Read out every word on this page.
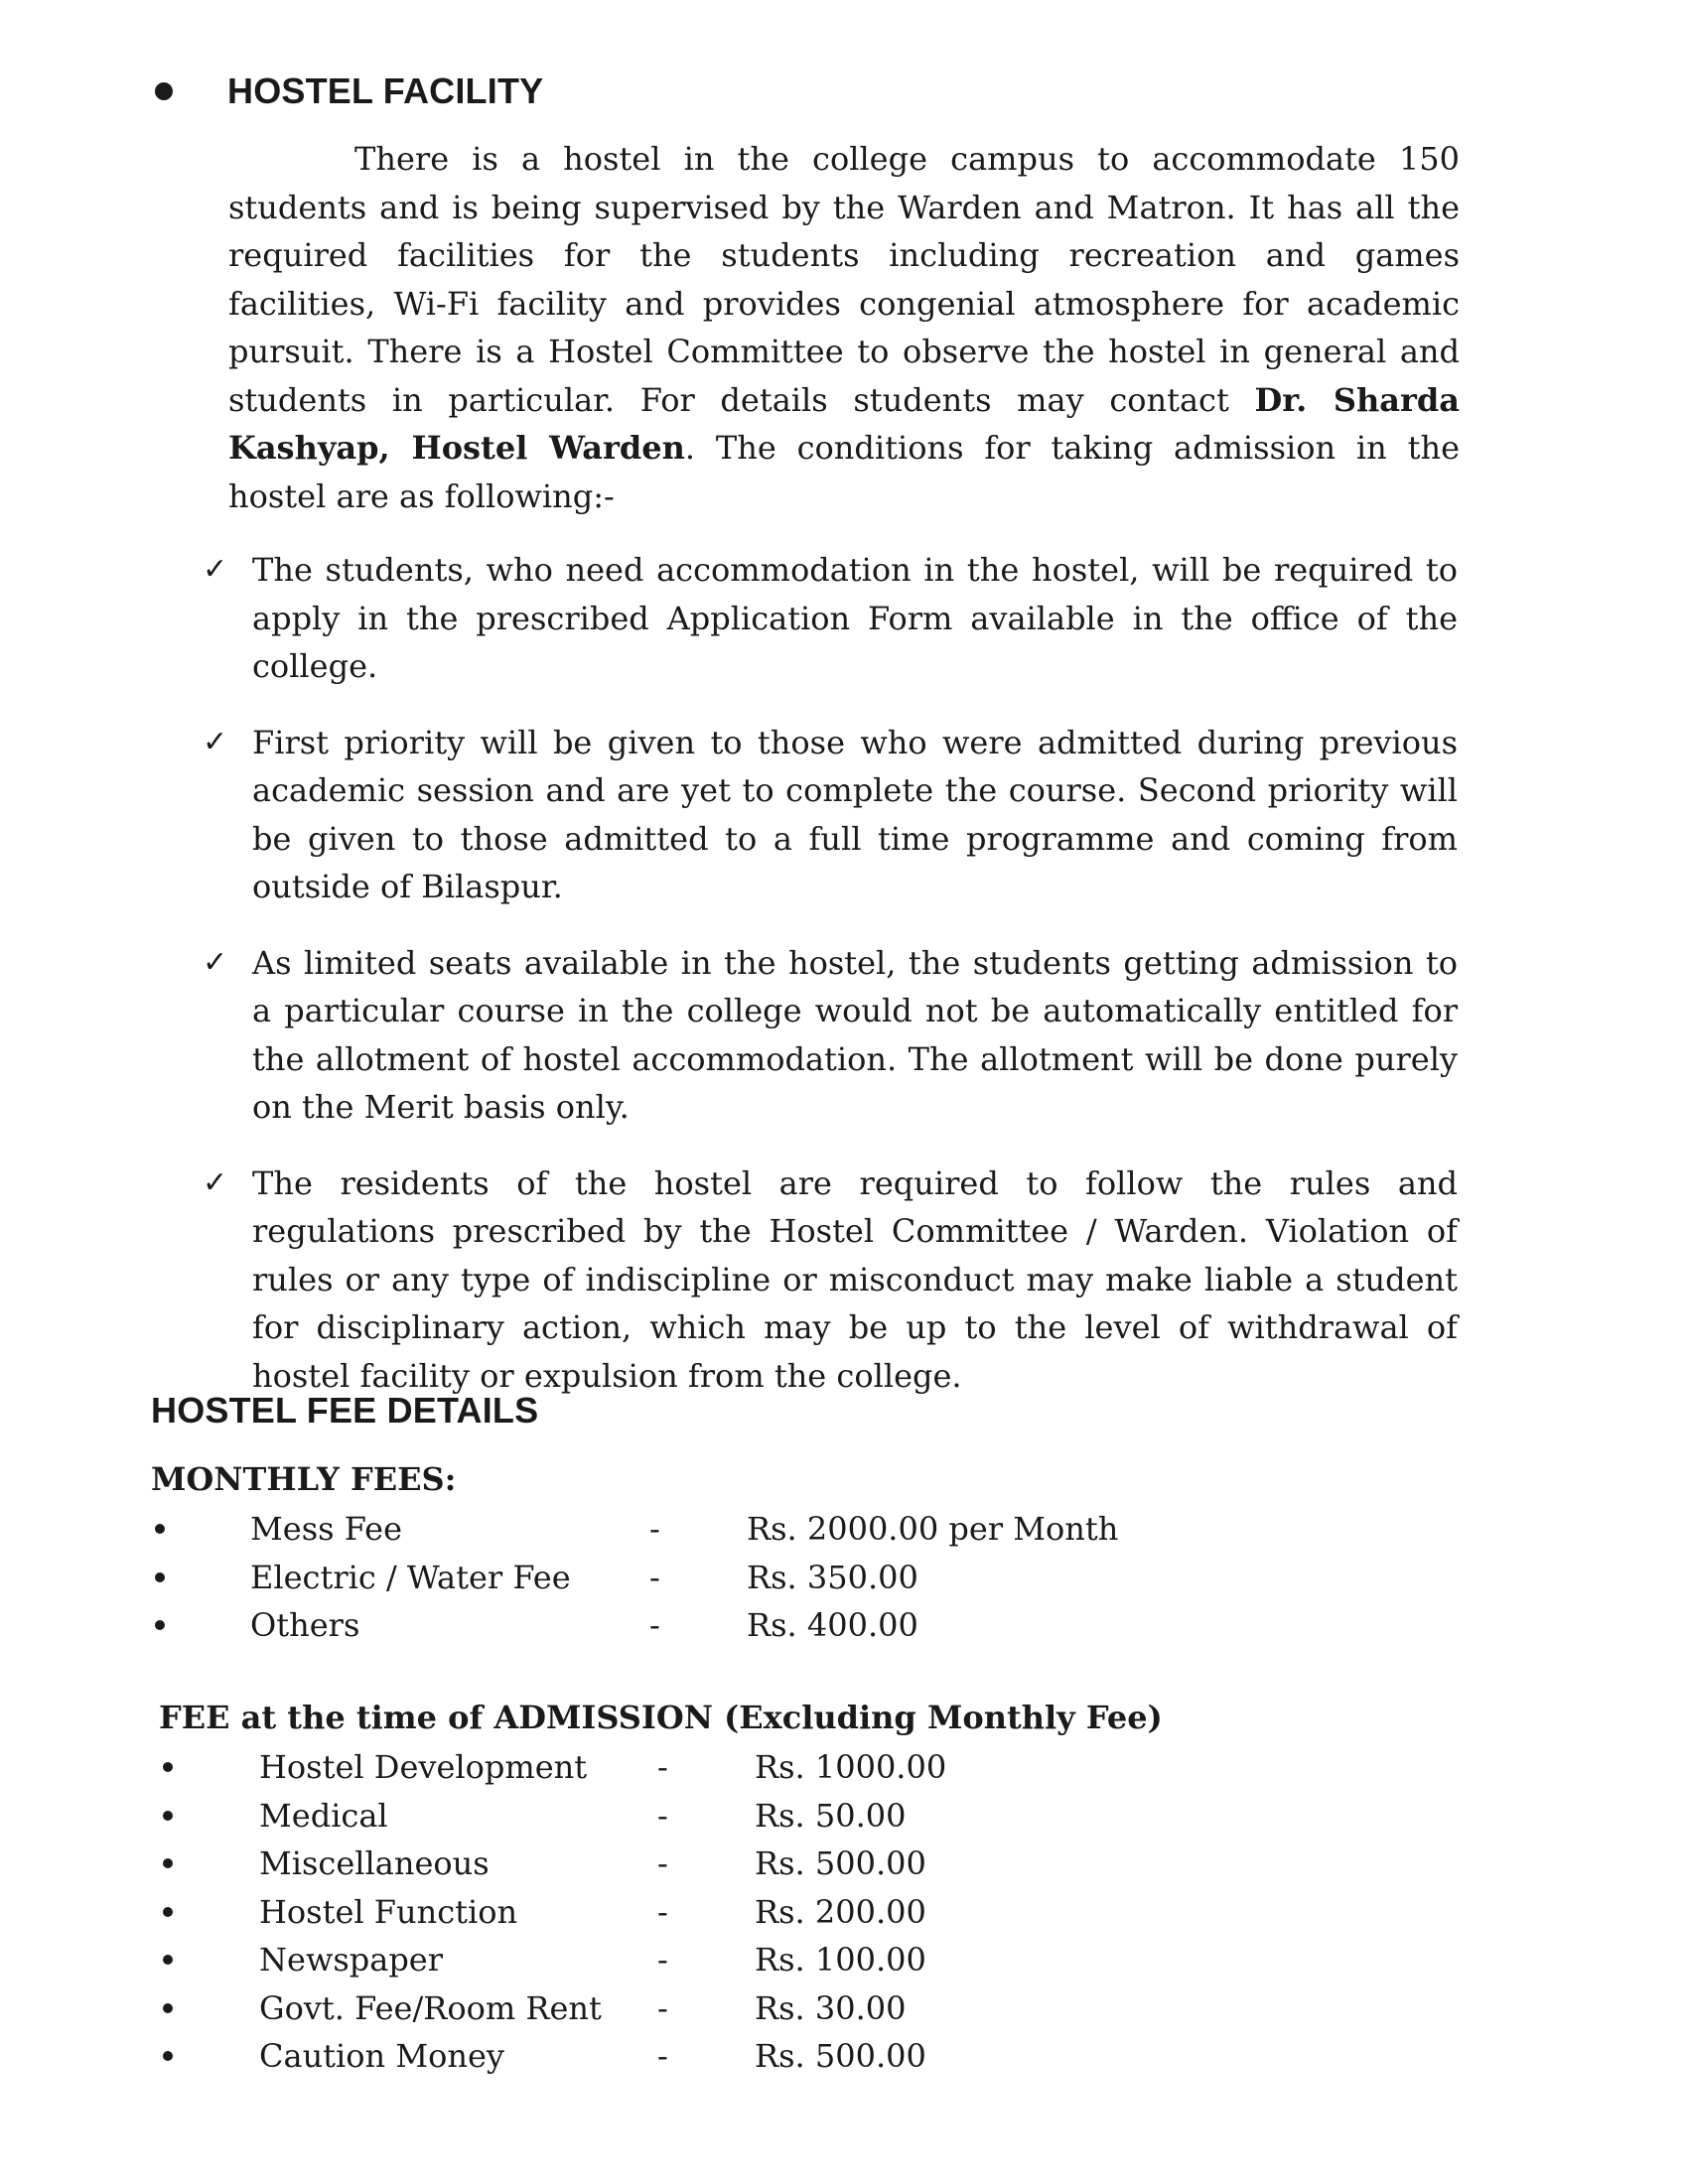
HOSTEL FACILITY

There is a hostel in the college campus to accommodate 150 students and is being supervised by the Warden and Matron. It has all the required facilities for the students including recreation and games facilities, Wi-Fi facility and provides congenial atmosphere for academic pursuit. There is a Hostel Committee to observe the hostel in general and students in particular. For details students may contact Dr. Sharda Kashyap, Hostel Warden. The conditions for taking admission in the hostel are as following:-

✓ The students, who need accommodation in the hostel, will be required to apply in the prescribed Application Form available in the office of the college.

✓ First priority will be given to those who were admitted during previous academic session and are yet to complete the course. Second priority will be given to those admitted to a full time programme and coming from outside of Bilaspur.

✓ As limited seats available in the hostel, the students getting admission to a particular course in the college would not be automatically entitled for the allotment of hostel accommodation. The allotment will be done purely on the Merit basis only.

✓ The residents of the hostel are required to follow the rules and regulations prescribed by the Hostel Committee / Warden. Violation of rules or any type of indiscipline or misconduct may make liable a student for disciplinary action, which may be up to the level of withdrawal of hostel facility or expulsion from the college.

HOSTEL FEE DETAILS

MONTHLY FEES:

Mess Fee	-	Rs. 2000.00 per Month
Electric / Water Fee -	Rs. 350.00
Others	-	Rs. 400.00

FEE at the time of ADMISSION (Excluding Monthly Fee)

Hostel Development -	Rs. 1000.00
Medical	-	Rs. 50.00
Miscellaneous	-	Rs. 500.00
Hostel Function	-	Rs. 200.00
Newspaper	-	Rs. 100.00
Govt. Fee/Room Rent -	Rs. 30.00
Caution Money	-	Rs. 500.00
